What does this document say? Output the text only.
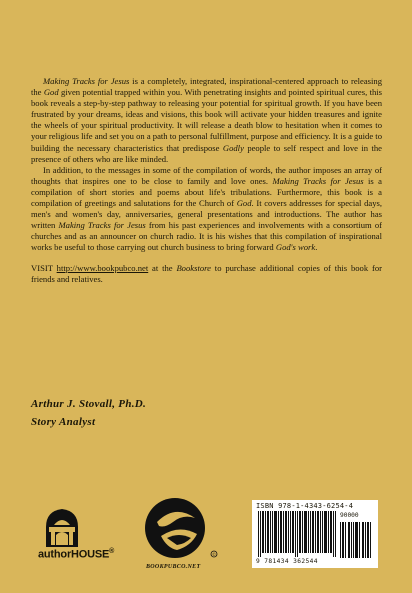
Making Tracks for Jesus is a completely, integrated, inspirational-centered approach to releasing the God given potential trapped within you. With penetrating insights and pointed spiritual cures, this book reveals a step-by-step pathway to releasing your potential for spiritual growth. If you have been frustrated by your dreams, ideas and visions, this book will activate your hidden treasures and ignite the wheels of your spiritual productivity. It will release a death blow to hesitation when it comes to your religious life and set you on a path to personal fulfillment, purpose and efficiency. It is a guide to building the necessary characteristics that predispose Godly people to self respect and love in the presence of others who are like minded.

In addition, to the messages in some of the compilation of words, the author imposes an array of thoughts that inspires one to be close to family and love ones. Making Tracks for Jesus is a compilation of short stories and poems about life's tribulations. Furthermore, this book is a compilation of greetings and salutations for the Church of God. It covers addresses for special days, men's and women's day, anniversaries, general presentations and introductions. The author has written Making Tracks for Jesus from his past experiences and involvements with a consortium of churches and as an announcer on church radio. It is his wishes that this compilation of inspirational works be useful to those carrying out church business to bring forward God's work.

VISIT http://www.bookpubco.net at the Bookstore to purchase additional copies of this book for friends and relatives.

Arthur J. Stovall, Ph.D.
Story Analyst
authorHOUSE®	©
BOOKPUBCO.NET
ISBN 978-1-4343-6254-4
90000
9 781434 362544
